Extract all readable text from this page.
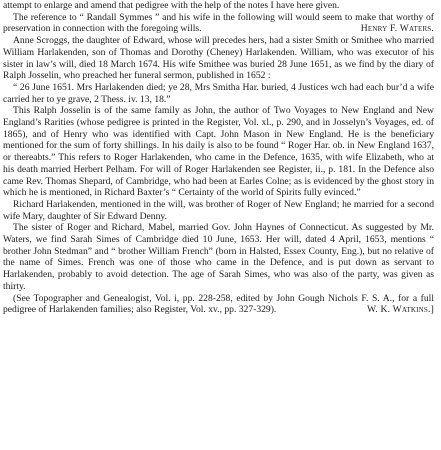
attempt to enlarge and amend that pedigree with the help of the notes I have here given.

The reference to “ Randall Symmes ” and his wife in the following will would seem to make that worthy of preservation in connection with the foregoing wills.	Henry F. Waters.

Anne Scroggs, the daughter of Edward, whose will precedes hers, had a sister Smith or Smithee who married William Harlakenden, son of Thomas and Dorothy (Cheney) Harlakenden. William, who was executor of his sister in law’s will, died 18 March 1674. His wife Smithee was buried 28 June 1651, as we find by the diary of Ralph Josselin, who preached her funeral sermon, published in 1652 :

“ 26 June 1651. Mrs Harlakenden died; ye 28, Mrs Smitha Har. buried, 4 Justices wch had each bur’d a wife carried her to ye grave, 2 Thess. iv. 13, 18.”

This Ralph Josselin is of the same family as John, the author of Two Voyages to New England and New England’s Rarities (whose pedigree is printed in the Register, Vol. xl., p. 290, and in Josselyn’s Voyages, ed. of 1865), and of Henry who was identified with Capt. John Mason in New England. He is the beneficiary mentioned for the sum of forty shillings. In his daily is also to be found “ Roger Har. ob. in New England 1637, or thereabts.” This refers to Roger Harlakenden, who came in the Defence, 1635, with wife Elizabeth, who at his death married Herbert Pelham. For will of Roger Harlakenden see Register, ii., p. 181. In the Defence also came Rev. Thomas Shepard, of Cambridge, who had been at Earles Colne; as is evidenced by the ghost story in which he is mentioned, in Richard Baxter’s “ Certainty of the world of Spirits fully evinced.”

Richard Harlakenden, mentioned in the will, was brother of Roger of New England; he married for a second wife Mary, daughter of Sir Edward Denny.

The sister of Roger and Richard, Mabel, married Gov. John Haynes of Connecticut. As suggested by Mr. Waters, we find Sarah Simes of Cambridge died 10 June, 1653. Her will, dated 4 April, 1653, mentions “ brother John Stedman” and “ brother William French” (born in Halsted, Essex County, Eng.), but no relative of the name of Simes. French was one of those who came in the Defence, and is put down as servant to Harlakenden, probably to avoid detection. The age of Sarah Simes, who was also of the party, was given as thirty.

(See Topographer and Genealogist, Vol. i, pp. 228-258, edited by John Gough Nichols F. S. A., for a full pedigree of Harlakenden families; also Register, Vol. xv., pp. 327-329).	W. K. Watkins.]
